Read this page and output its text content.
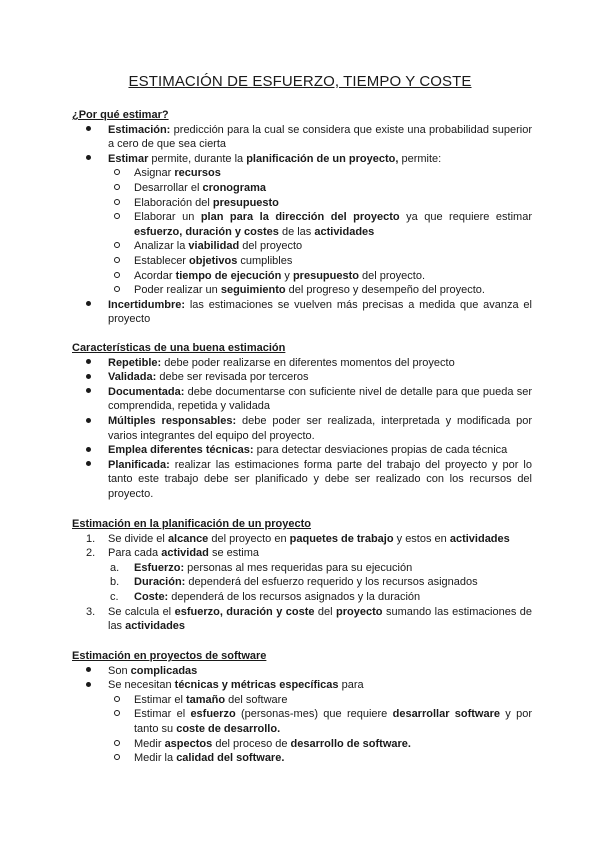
ESTIMACIÓN DE ESFUERZO, TIEMPO Y COSTE
¿Por qué estimar?
Estimación: predicción para la cual se considera que existe una probabilidad superior a cero de que sea cierta
Estimar permite, durante la planificación de un proyecto, permite:
Asignar recursos
Desarrollar el cronograma
Elaboración del presupuesto
Elaborar un plan para la dirección del proyecto ya que requiere estimar esfuerzo, duración y costes de las actividades
Analizar la viabilidad del proyecto
Establecer objetivos cumplibles
Acordar tiempo de ejecución y presupuesto del proyecto.
Poder realizar un seguimiento del progreso y desempeño del proyecto.
Incertidumbre: las estimaciones se vuelven más precisas a medida que avanza el proyecto
Características de una buena estimación
Repetible: debe poder realizarse en diferentes momentos del proyecto
Validada: debe ser revisada por terceros
Documentada: debe documentarse con suficiente nivel de detalle para que pueda ser comprendida, repetida y validada
Múltiples responsables: debe poder ser realizada, interpretada y modificada por varios integrantes del equipo del proyecto.
Emplea diferentes técnicas: para detectar desviaciones propias de cada técnica
Planificada: realizar las estimaciones forma parte del trabajo del proyecto y por lo tanto este trabajo debe ser planificado y debe ser realizado con los recursos del proyecto.
Estimación en la planificación de un proyecto
1.	Se divide el alcance del proyecto en paquetes de trabajo y estos en actividades
2.	Para cada actividad se estima
a.	Esfuerzo: personas al mes requeridas para su ejecución
b.	Duración: dependerá del esfuerzo requerido y los recursos asignados
c.	Coste: dependerá de los recursos asignados y la duración
3.	Se calcula el esfuerzo, duración y coste del proyecto sumando las estimaciones de las actividades
Estimación en proyectos de software
Son complicadas
Se necesitan técnicas y métricas específicas para
Estimar el tamaño del software
Estimar el esfuerzo (personas-mes) que requiere desarrollar software y por tanto su coste de desarrollo.
Medir aspectos del proceso de desarrollo de software.
Medir la calidad del software.
